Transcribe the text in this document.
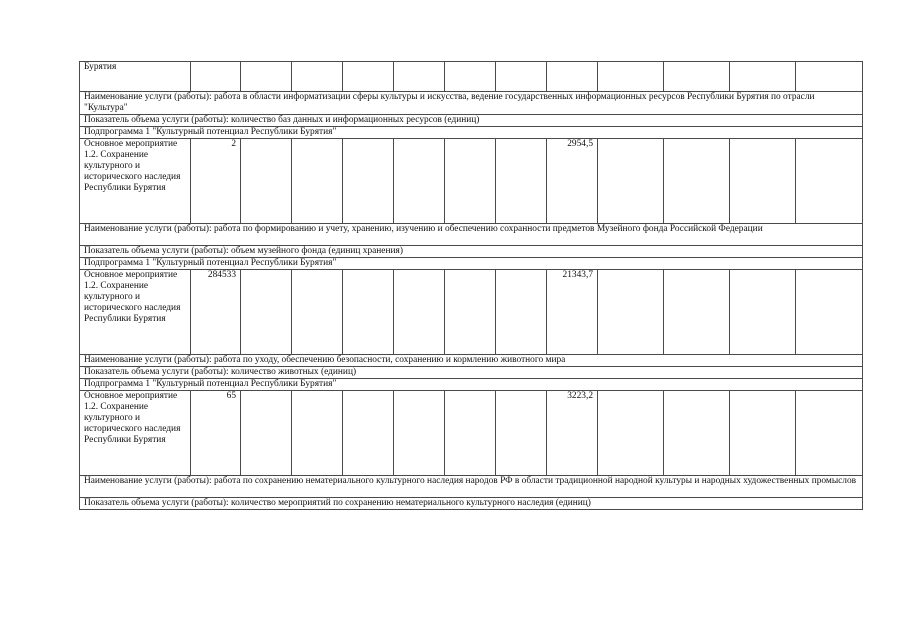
Бурятия												
Наименование услуги (работы): работа в области информатизации сферы культуры и искусства, ведение государственных информационных ресурсов Республики Бурятия по отрасли "Культура"												
Показатель объема услуги (работы): количество баз данных и информационных ресурсов (единиц)												
Подпрограмма 1 "Культурный потенциал Республики Бурятия"												
Основное мероприятие 1.2. Сохранение культурного и исторического наследия Республики Бурятия	2							2954,5				
Наименование услуги (работы): работа по формированию и учету, хранению, изучению и обеспечению сохранности предметов Музейного фонда Российской Федерации												
Показатель объема услуги (работы): объем музейного фонда (единиц хранения)												
Подпрограмма 1 "Культурный потенциал Республики Бурятия"												
Основное мероприятие 1.2. Сохранение культурного и исторического наследия Республики Бурятия	284533							21343,7				
Наименование услуги (работы): работа по уходу, обеспечению безопасности, сохранению и кормлению животного мира												
Показатель объема услуги (работы): количество животных (единиц)												
Подпрограмма 1 "Культурный потенциал Республики Бурятия"												
Основное мероприятие 1.2. Сохранение культурного и исторического наследия Республики Бурятия	65							3223,2				
Наименование услуги (работы): работа по сохранению нематериального культурного наследия народов РФ в области традиционной народной культуры и народных художественных промыслов												
Показатель объема услуги (работы): количество мероприятий по сохранению нематериального культурного наследия (единиц)												
